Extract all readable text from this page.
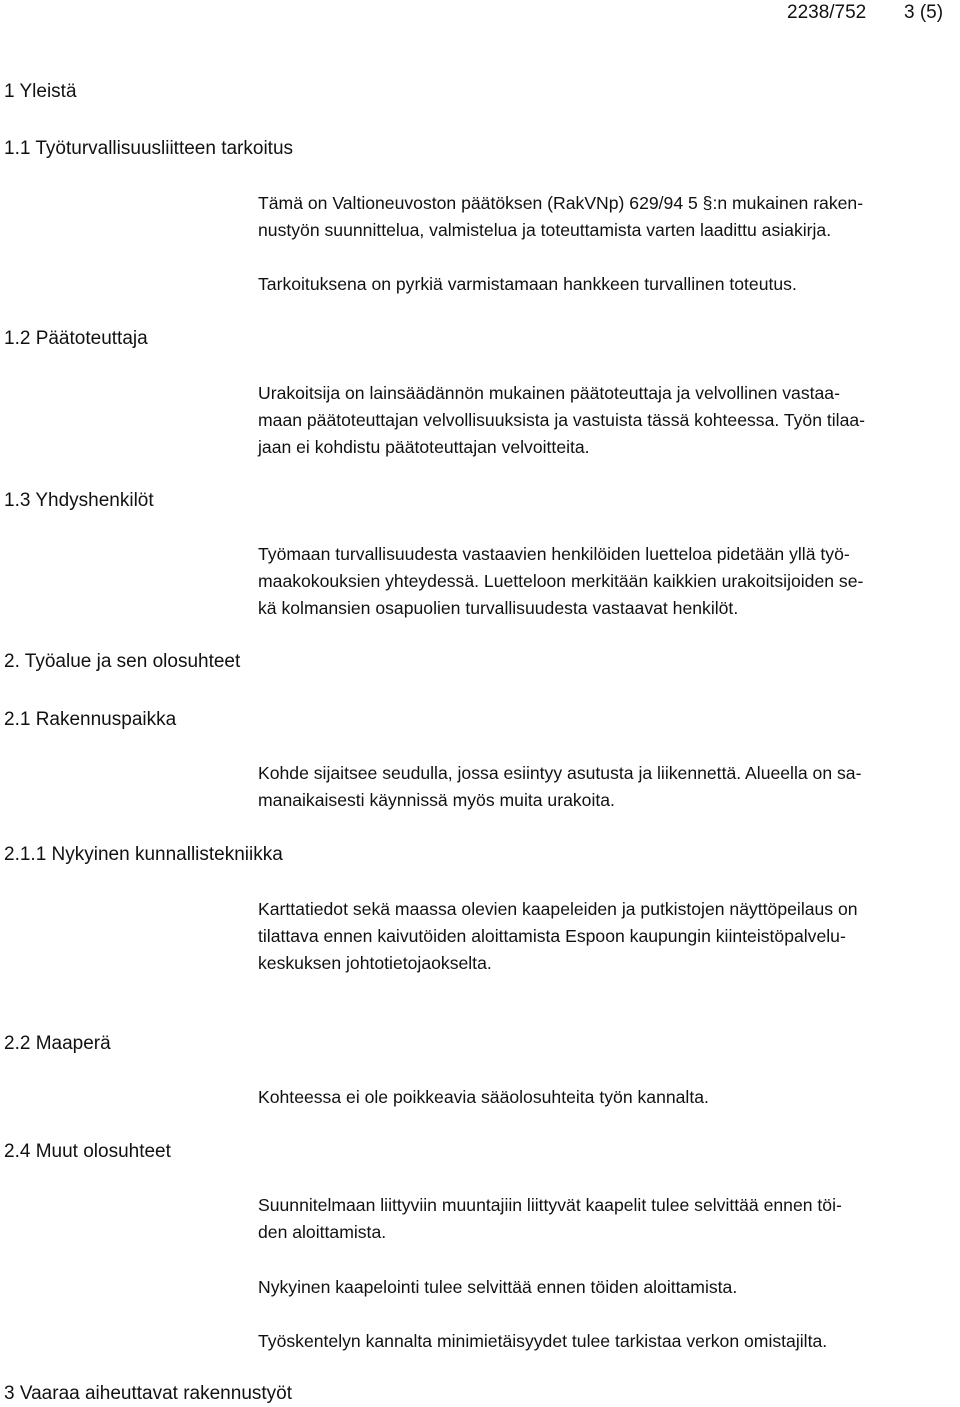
2238/752 3 (5)
1 Yleistä
1.1 Työturvallisuusliitteen tarkoitus
1.2 Päätoteuttaja
1.3 Yhdyshenkilöt
2. Työalue ja sen olosuhteet
2.1 Rakennuspaikka
2.1.1 Nykyinen kunnallistekniikka
2.2 Maaperä
2.4 Muut olosuhteet
3 Vaaraa aiheuttavat rakennustyöt

Tämä on Valtioneuvoston päätöksen (RakVNp) 629/94 5 §:n mukainen raken-
nustyön suunnittelua, valmistelua ja toteuttamista varten laadittu asiakirja.

Tarkoituksena on pyrkiä varmistamaan hankkeen turvallinen toteutus.

Urakoitsija on lainsäädännön mukainen päätoteuttaja ja velvollinen vastaa-
maan päätoteuttajan velvollisuuksista ja vastuista tässä kohteessa. Työn tilaa-
jaan ei kohdistu päätoteuttajan velvoitteita.

Työmaan turvallisuudesta vastaavien henkilöiden luetteloa pidetään yllä työ-
maakokouksien yhteydessä. Luetteloon merkitään kaikkien urakoitsijoiden se-
kä kolmansien osapuolien turvallisuudesta vastaavat henkilöt.

Kohde sijaitsee seudulla, jossa esiintyy asutusta ja liikennettä. Alueella on sa-
manaikaisesti käynnissä myös muita urakoita.

Karttatiedot sekä maassa olevien kaapeleiden ja putkistojen näyttöpeilaus on
tilattava ennen kaivutöiden aloittamista Espoon kaupungin kiinteistöpalvelu-
keskuksen johtotietojaokselta.

Kohteessa ei ole poikkeavia sääolosuhteita työn kannalta.

Suunnitelmaan liittyviin muuntajiin liittyvät kaapelit tulee selvittää ennen töi-
den aloittamista.

Nykyinen kaapelointi tulee selvittää ennen töiden aloittamista.

Työskentelyn kannalta minimietäisyydet tulee tarkistaa verkon omistajilta.
